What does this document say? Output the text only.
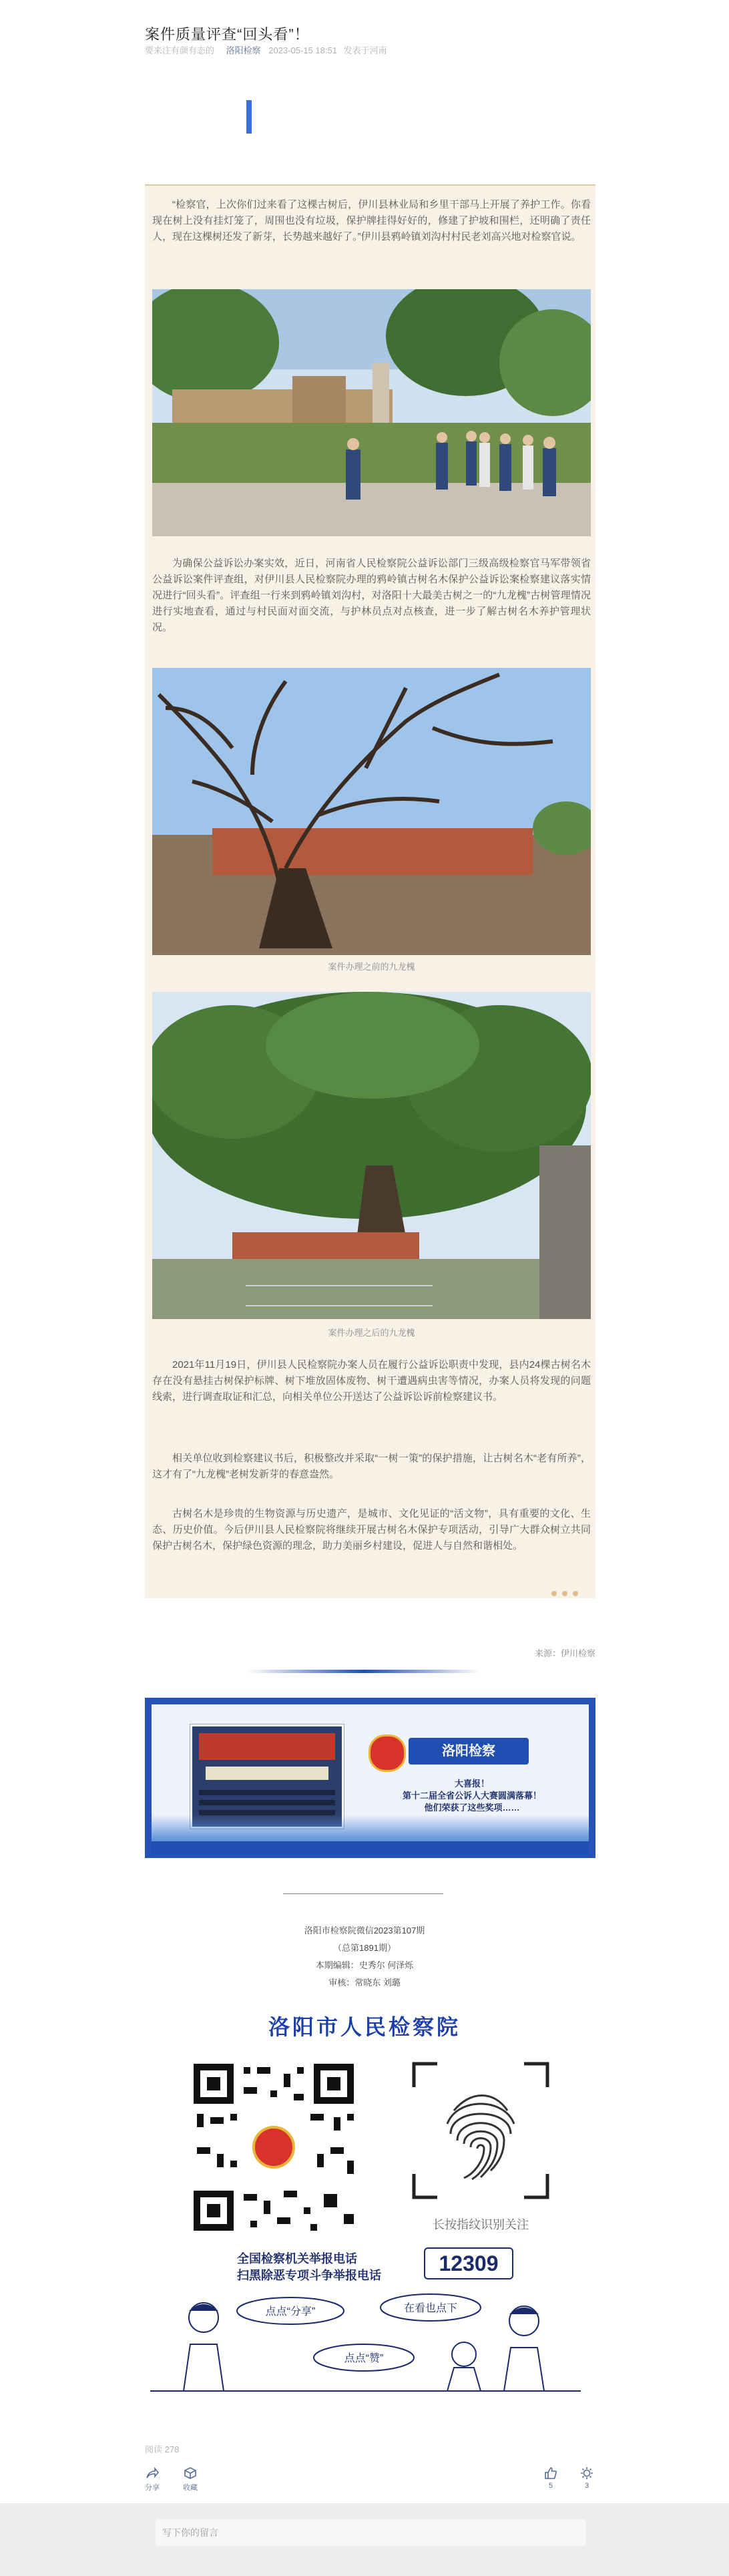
案件质量评查“回头看”！
要来注有颜有态的 洛阳检察 2023-05-15 18:51 发表于河南

“检察官，上次你们过来看了这棵古树后，伊川县林业局和乡里干部马上开展了养护工作。你看现在树上没有挂灯笼了，周围也没有垃圾，保护牌挂得好好的，修建了护坡和围栏，还明确了责任人，现在这棵树还发了新芽，长势越来越好了。”伊川县鸦岭镇刘沟村村民老刘高兴地对检察官说。

为确保公益诉讼办案实效，近日，河南省人民检察院公益诉讼部门三级高级检察官马军带领省公益诉讼案件评查组，对伊川县人民检察院办理的鸦岭镇古树名木保护公益诉讼案检察建议落实情况进行“回头看”。评查组一行来到鸦岭镇刘沟村，对洛阳十大最美古树之一的“九龙槐”古树管理情况进行实地查看，通过与村民面对面交流，与护林员点对点核查，进一步了解古树名木养护管理状况。

案件办理之前的九龙槐
案件办理之后的九龙槐

2021年11月19日，伊川县人民检察院办案人员在履行公益诉讼职责中发现，县内24棵古树名木存在没有悬挂古树保护标牌、树下堆放固体废物、树干遭遇病虫害等情况，办案人员将发现的问题线索，进行调查取证和汇总，向相关单位公开送达了公益诉讼诉前检察建议书。

相关单位收到检察建议书后，积极整改并采取“一树一策”的保护措施，让古树名木“老有所养”，这才有了“九龙槐”老树发新芽的春意盎然。

古树名木是珍贵的生物资源与历史遗产，是城市、文化见证的“活文物”，具有重要的文化、生态、历史价值。今后伊川县人民检察院将继续开展古树名木保护专项活动，引导广大群众树立共同保护古树名木，保护绿色资源的理念，助力美丽乡村建设，促进人与自然和谐相处。

来源：伊川检察
洛阳检察
大喜报！
第十二届全省公诉人大赛圆满落幕！
他们荣获了这些奖项……
洛阳市检察院微信2023第107期
（总第1891期）
本期编辑：史秀尔 何泽烁
审核：常晓东 刘璐
洛阳市人民检察院
长按指纹识别关注
全国检察机关举报电话
扫黑除恶专项斗争举报电话	12309
点点“分享”	在看也点下
点点“赞”
阅读 278
分享	收藏	5	3
写下你的留言
